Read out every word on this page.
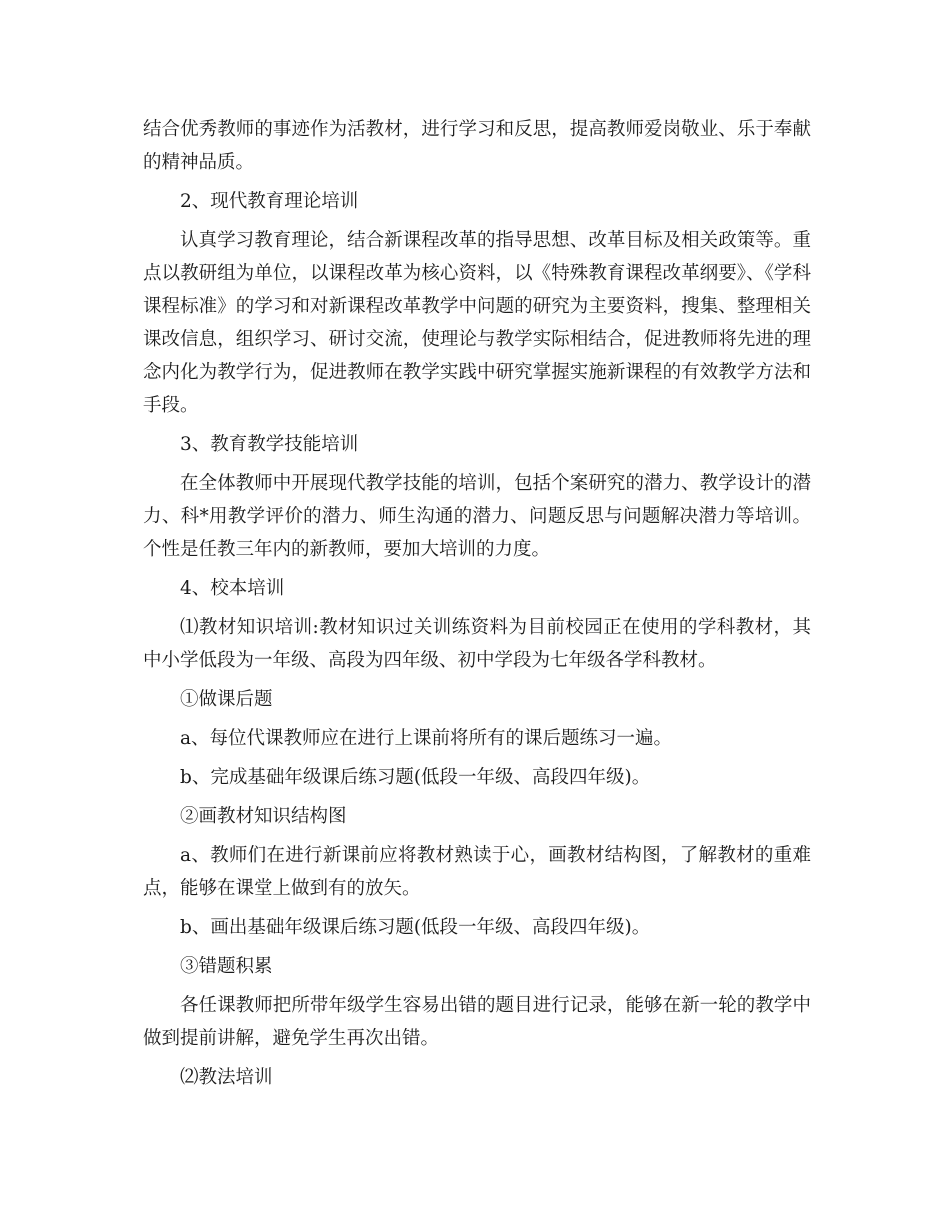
结合优秀教师的事迹作为活教材，进行学习和反思，提高教师爱岗敬业、乐于奉献的精神品质。

2、现代教育理论培训

认真学习教育理论，结合新课程改革的指导思想、改革目标及相关政策等。重点以教研组为单位，以课程改革为核心资料，以《特殊教育课程改革纲要》、《学科课程标准》的学习和对新课程改革教学中问题的研究为主要资料，搜集、整理相关课改信息，组织学习、研讨交流，使理论与教学实际相结合，促进教师将先进的理念内化为教学行为，促进教师在教学实践中研究掌握实施新课程的有效教学方法和手段。

3、教育教学技能培训

在全体教师中开展现代教学技能的培训，包括个案研究的潜力、教学设计的潜力、科*用教学评价的潜力、师生沟通的潜力、问题反思与问题解决潜力等培训。个性是任教三年内的新教师，要加大培训的力度。

4、校本培训

⑴教材知识培训:教材知识过关训练资料为目前校园正在使用的学科教材，其中小学低段为一年级、高段为四年级、初中学段为七年级各学科教材。

①做课后题

a、每位代课教师应在进行上课前将所有的课后题练习一遍。

b、完成基础年级课后练习题(低段一年级、高段四年级)。

②画教材知识结构图

a、教师们在进行新课前应将教材熟读于心，画教材结构图，了解教材的重难点，能够在课堂上做到有的放矢。

b、画出基础年级课后练习题(低段一年级、高段四年级)。

③错题积累

各任课教师把所带年级学生容易出错的题目进行记录，能够在新一轮的教学中做到提前讲解，避免学生再次出错。

⑵教法培训
